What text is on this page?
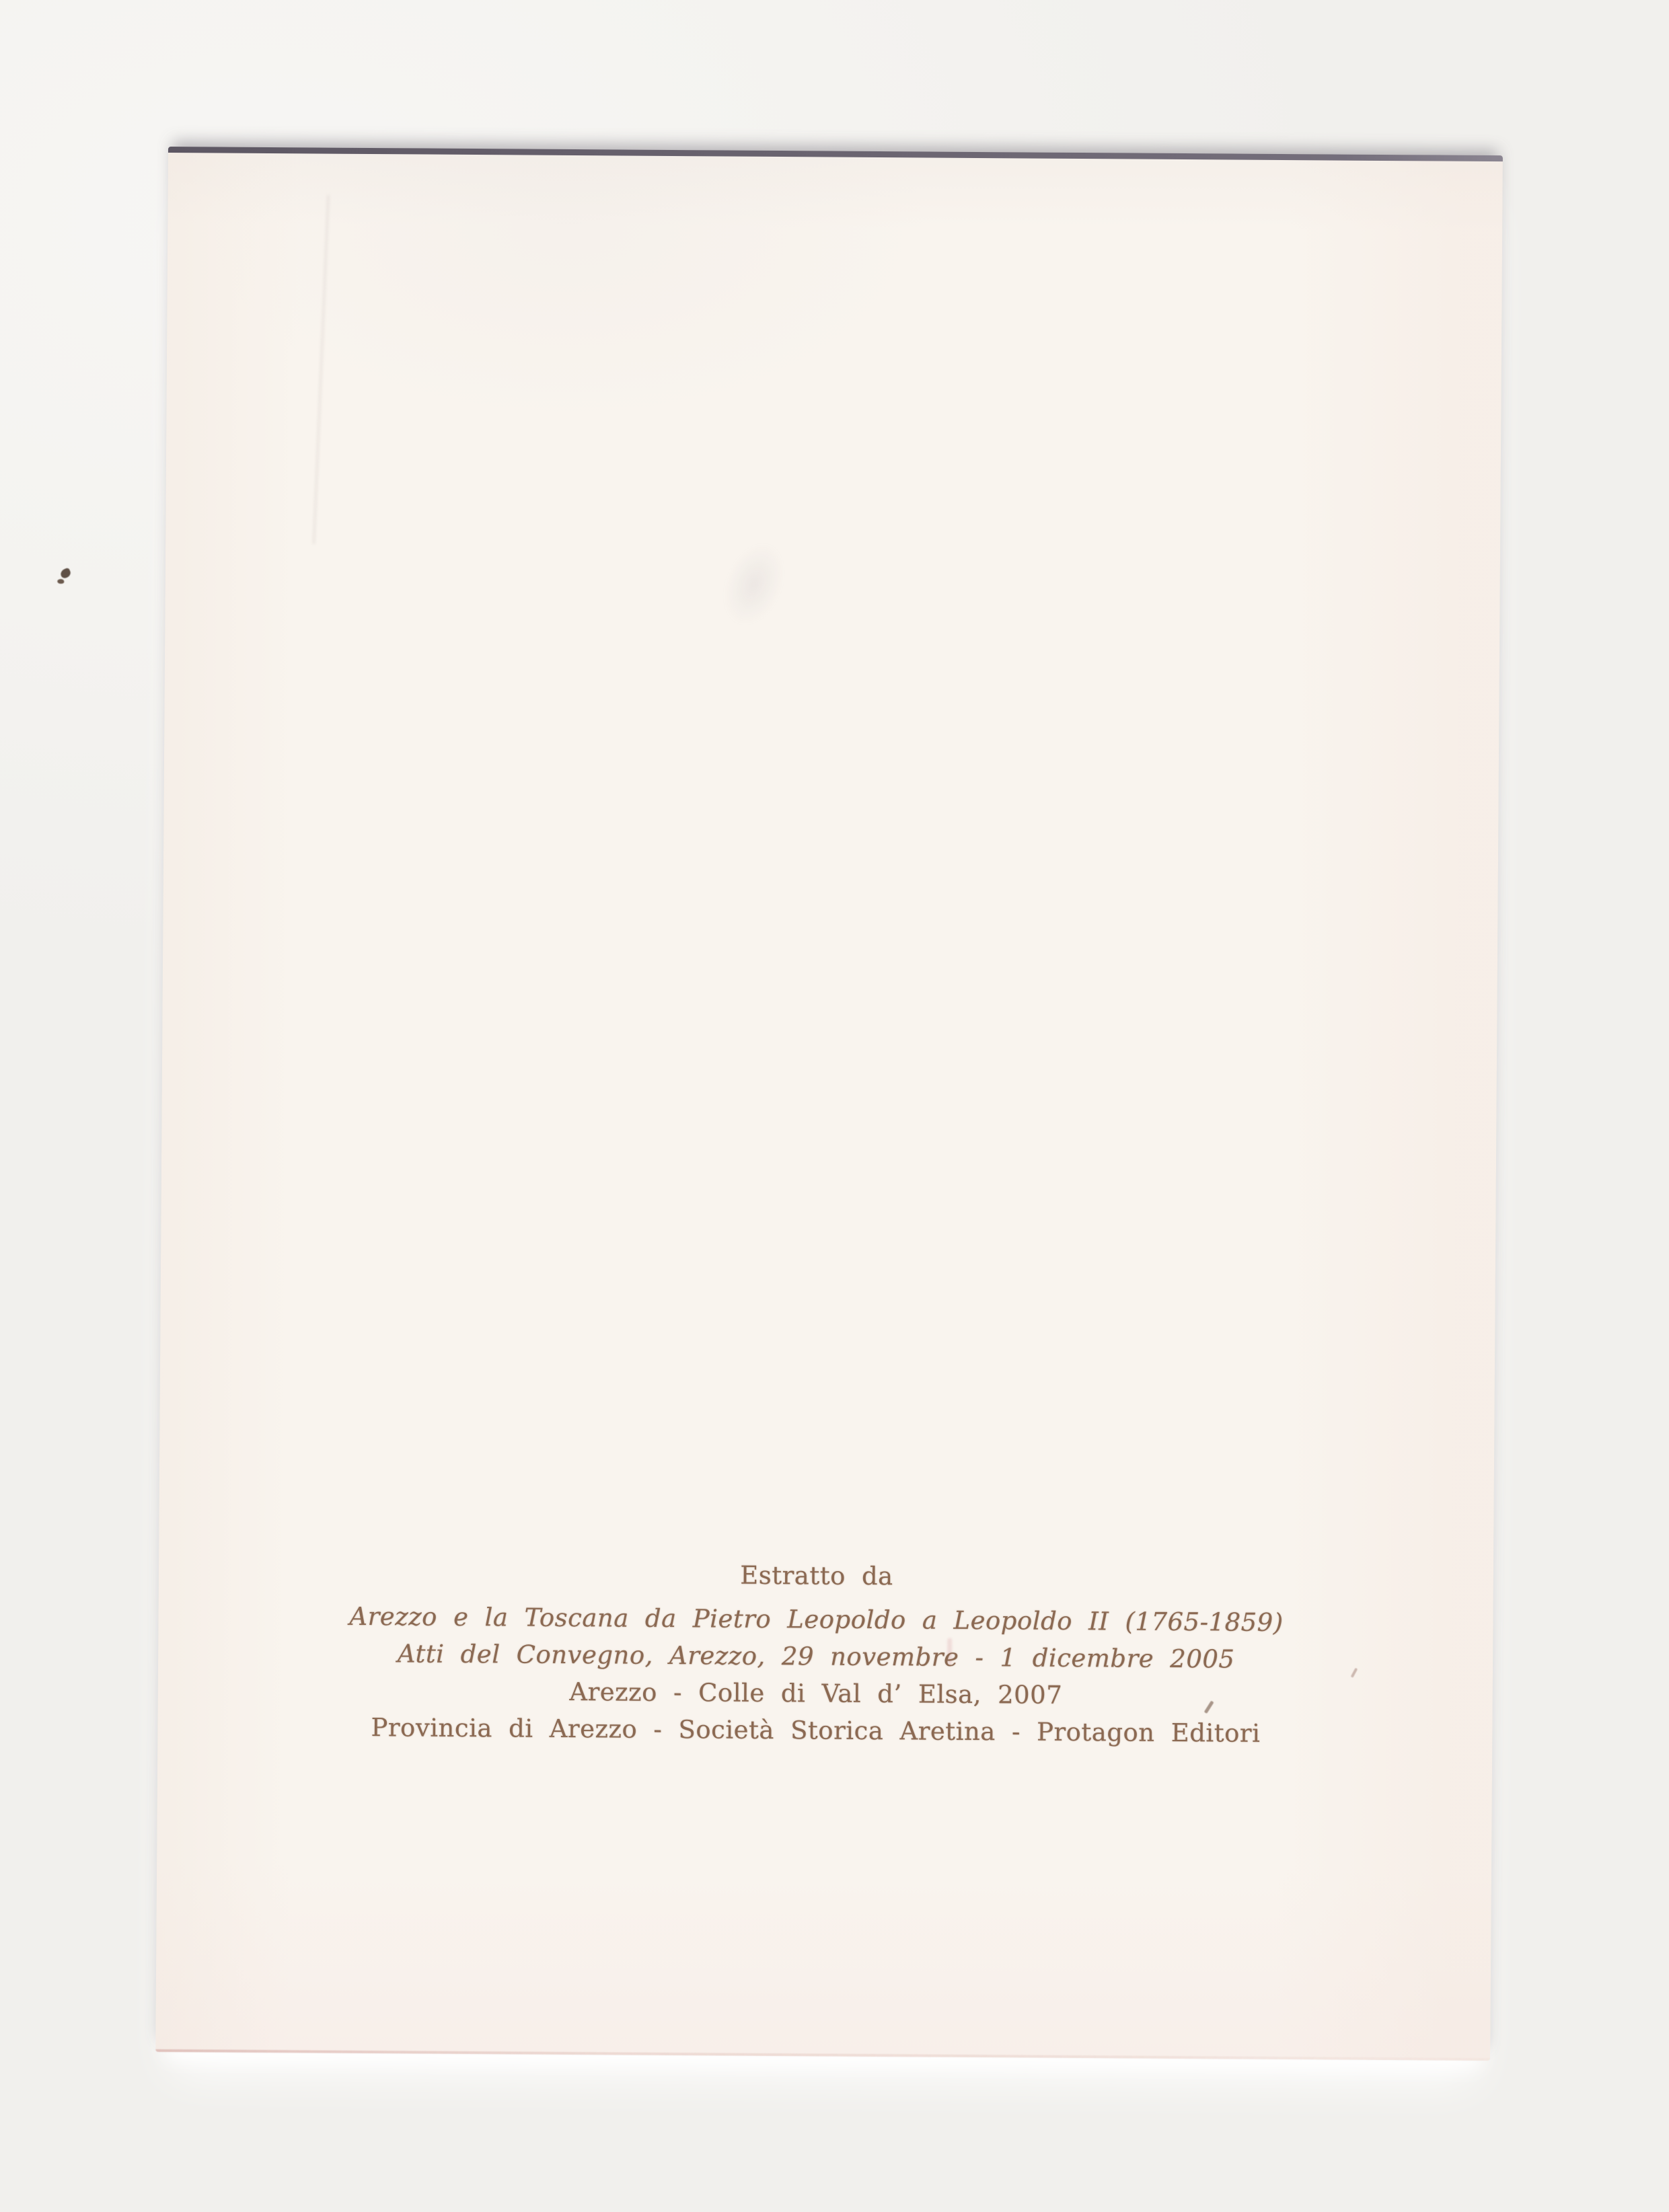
Estratto da
Arezzo e la Toscana da Pietro Leopoldo a Leopoldo II (1765-1859)
Atti del Convegno, Arezzo, 29 novembre - 1 dicembre 2005
Arezzo - Colle di Val d’ Elsa, 2007
Provincia di Arezzo - Società Storica Aretina - Protagon Editori
